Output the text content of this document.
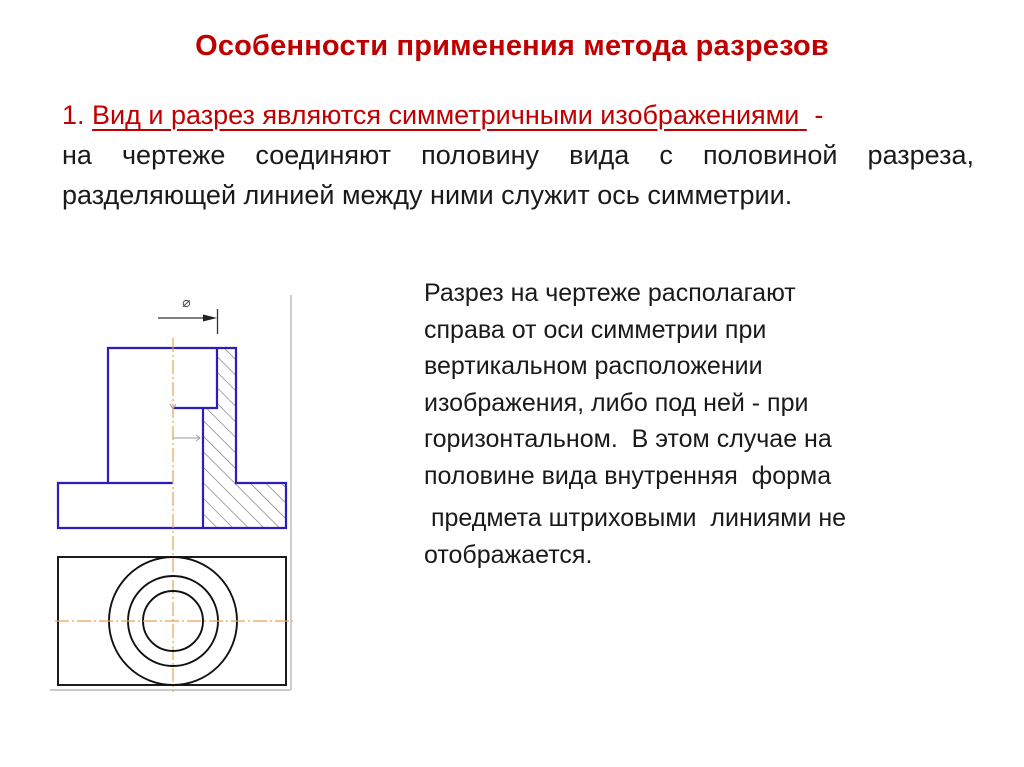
Особенности применения метода разрезов
1. Вид и разрез являются симметричными изображениями -
на чертеже соединяют половину вида с половиной разреза,
разделяющей линией между ними служит ось симметрии.
⌀	Разрез на чертеже располагают
справа от оси симметрии при
вертикальном расположении
изображения, либо под ней - при
горизонтальном.  В этом случае на
половине вида внутренняя  форма
предмета штриховыми  линиями не
отображается.
